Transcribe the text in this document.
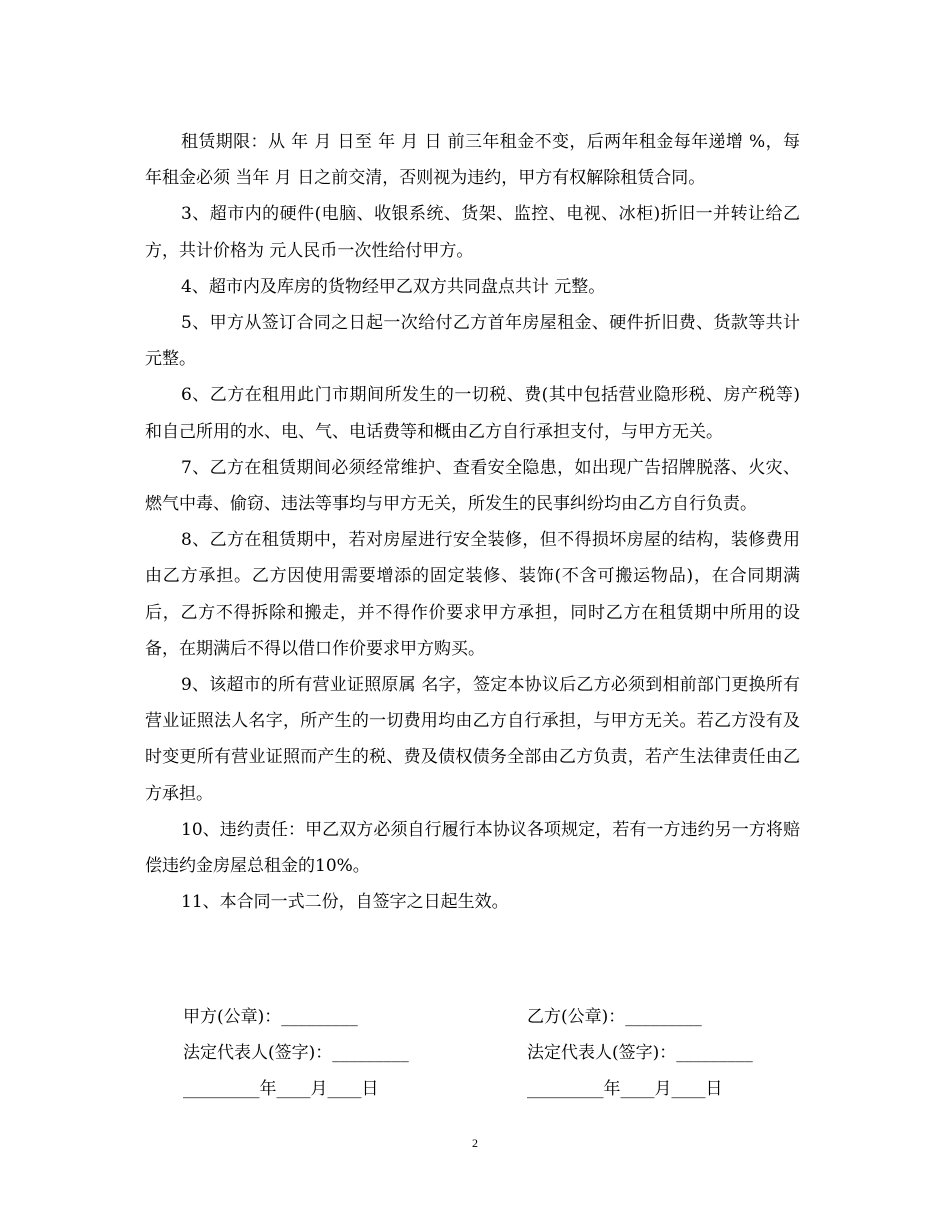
租赁期限：从 年 月 日至 年 月 日 前三年租金不变，后两年租金每年递增 %，每年租金必须 当年 月 日之前交清，否则视为违约，甲方有权解除租赁合同。

3、超市内的硬件(电脑、收银系统、货架、监控、电视、冰柜)折旧一并转让给乙方，共计价格为 元人民币一次性给付甲方。

4、超市内及库房的货物经甲乙双方共同盘点共计 元整。

5、甲方从签订合同之日起一次给付乙方首年房屋租金、硬件折旧费、货款等共计 元整。

6、乙方在租用此门市期间所发生的一切税、费(其中包括营业隐形税、房产税等)和自己所用的水、电、气、电话费等和概由乙方自行承担支付，与甲方无关。

7、乙方在租赁期间必须经常维护、查看安全隐患，如出现广告招牌脱落、火灾、燃气中毒、偷窃、违法等事均与甲方无关，所发生的民事纠纷均由乙方自行负责。

8、乙方在租赁期中，若对房屋进行安全装修，但不得损坏房屋的结构，装修费用由乙方承担。乙方因使用需要增添的固定装修、装饰(不含可搬运物品)，在合同期满后，乙方不得拆除和搬走，并不得作价要求甲方承担，同时乙方在租赁期中所用的设备，在期满后不得以借口作价要求甲方购买。

9、该超市的所有营业证照原属 名字，签定本协议后乙方必须到相前部门更换所有营业证照法人名字，所产生的一切费用均由乙方自行承担，与甲方无关。若乙方没有及时变更所有营业证照而产生的税、费及债权债务全部由乙方负责，若产生法律责任由乙方承担。

10、违约责任：甲乙双方必须自行履行本协议各项规定，若有一方违约另一方将赔偿违约金房屋总租金的10%。

11、本合同一式二份，自签字之日起生效。

甲方(公章)：_________	乙方(公章)：_________
法定代表人(签字)：_________	法定代表人(签字)：_________
_________年____月____日	_________年____月____日
2
